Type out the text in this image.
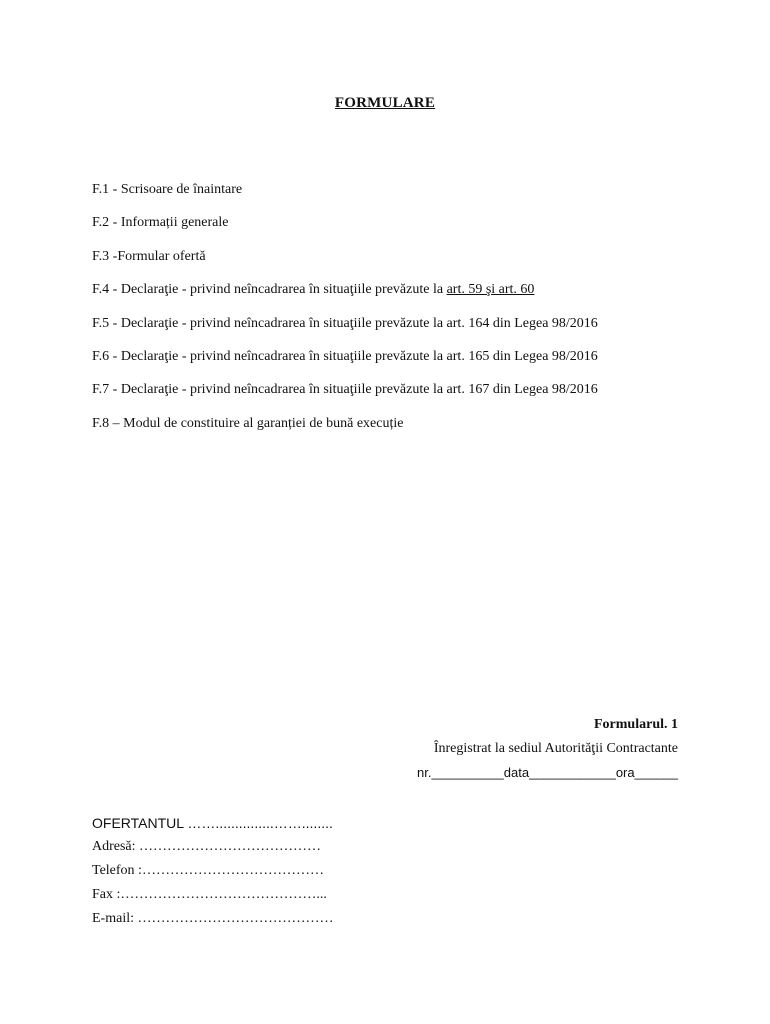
FORMULARE
F.1 - Scrisoare de înaintare
F.2 - Informații generale
F.3 -Formular ofertă
F.4 - Declaraţie - privind neîncadrarea în situaţiile prevăzute la art. 59 şi art. 60
F.5 - Declaraţie - privind neîncadrarea în situaţiile prevăzute la art. 164 din Legea 98/2016
F.6 - Declaraţie - privind neîncadrarea în situaţiile prevăzute la art. 165 din Legea 98/2016
F.7 - Declaraţie - privind neîncadrarea în situaţiile prevăzute la art. 167 din Legea 98/2016
F.8 – Modul de constituire al garanției de bună execuție
Formularul. 1
Înregistrat la sediul Autorităţii Contractante
nr.__________data____________ora______
OFERTANTUL ……...............……........
Adresă: …………………………………
Telefon :…………………………………
Fax :……………………………………...
E-mail: ……………………………………
